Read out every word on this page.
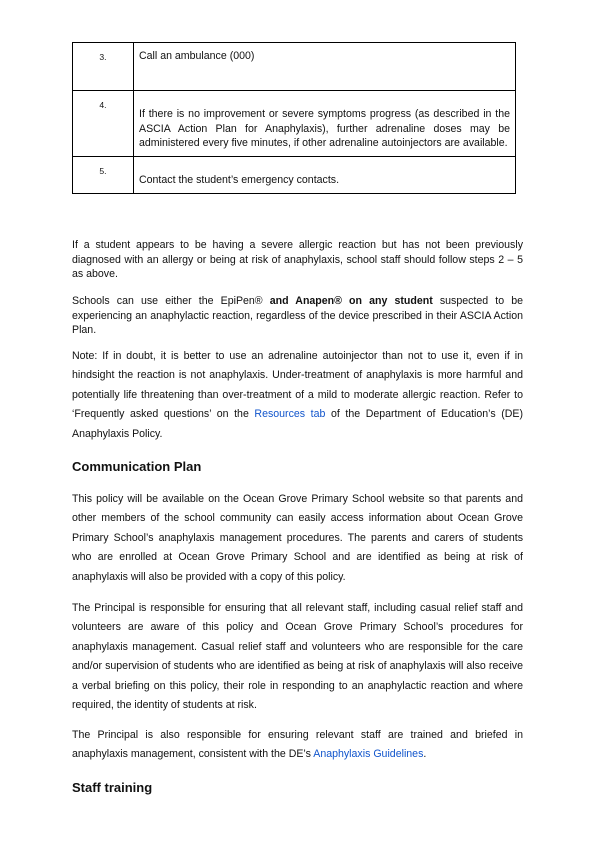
3.	Call an ambulance (000)
4.	If there is no improvement or severe symptoms progress (as described in the ASCIA Action Plan for Anaphylaxis), further adrenaline doses may be administered every five minutes, if other adrenaline autoinjectors are available.
5.	Contact the student’s emergency contacts.

If a student appears to be having a severe allergic reaction but has not been previously diagnosed with an allergy or being at risk of anaphylaxis, school staff should follow steps 2 – 5 as above.

Schools can use either the EpiPen® and Anapen® on any student suspected to be experiencing an anaphylactic reaction, regardless of the device prescribed in their ASCIA Action Plan.

Note: If in doubt, it is better to use an adrenaline autoinjector than not to use it, even if in hindsight the reaction is not anaphylaxis. Under-treatment of anaphylaxis is more harmful and potentially life threatening than over-treatment of a mild to moderate allergic reaction. Refer to ‘Frequently asked questions’ on the Resources tab of the Department of Education’s (DE) Anaphylaxis Policy.

Communication Plan

This policy will be available on the Ocean Grove Primary School website so that parents and other members of the school community can easily access information about Ocean Grove Primary School’s anaphylaxis management procedures. The parents and carers of students who are enrolled at Ocean Grove Primary School and are identified as being at risk of anaphylaxis will also be provided with a copy of this policy.

The Principal is responsible for ensuring that all relevant staff, including casual relief staff and volunteers are aware of this policy and Ocean Grove Primary School’s procedures for anaphylaxis management. Casual relief staff and volunteers who are responsible for the care and/or supervision of students who are identified as being at risk of anaphylaxis will also receive a verbal briefing on this policy, their role in responding to an anaphylactic reaction and where required, the identity of students at risk.

The Principal is also responsible for ensuring relevant staff are trained and briefed in anaphylaxis management, consistent with the DE’s Anaphylaxis Guidelines.

Staff training
